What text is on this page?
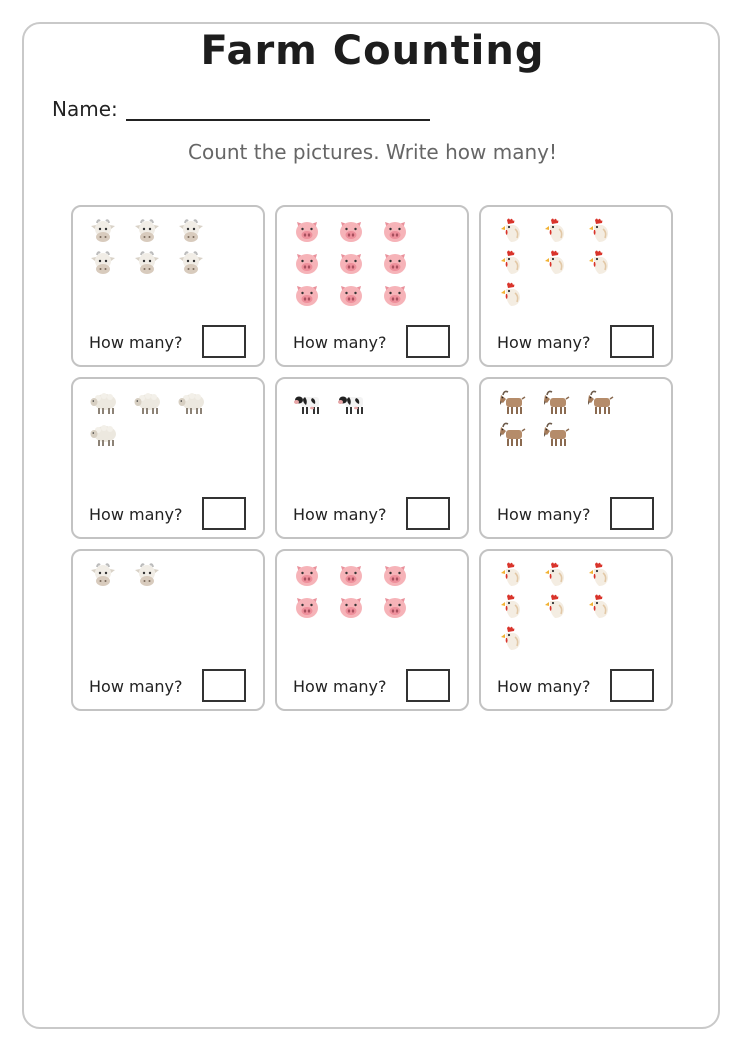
Farm Counting
Name:
Count the pictures. Write how many!
How many?	How many?	How many?
How many?	How many?	How many?
How many?	How many?	How many?
